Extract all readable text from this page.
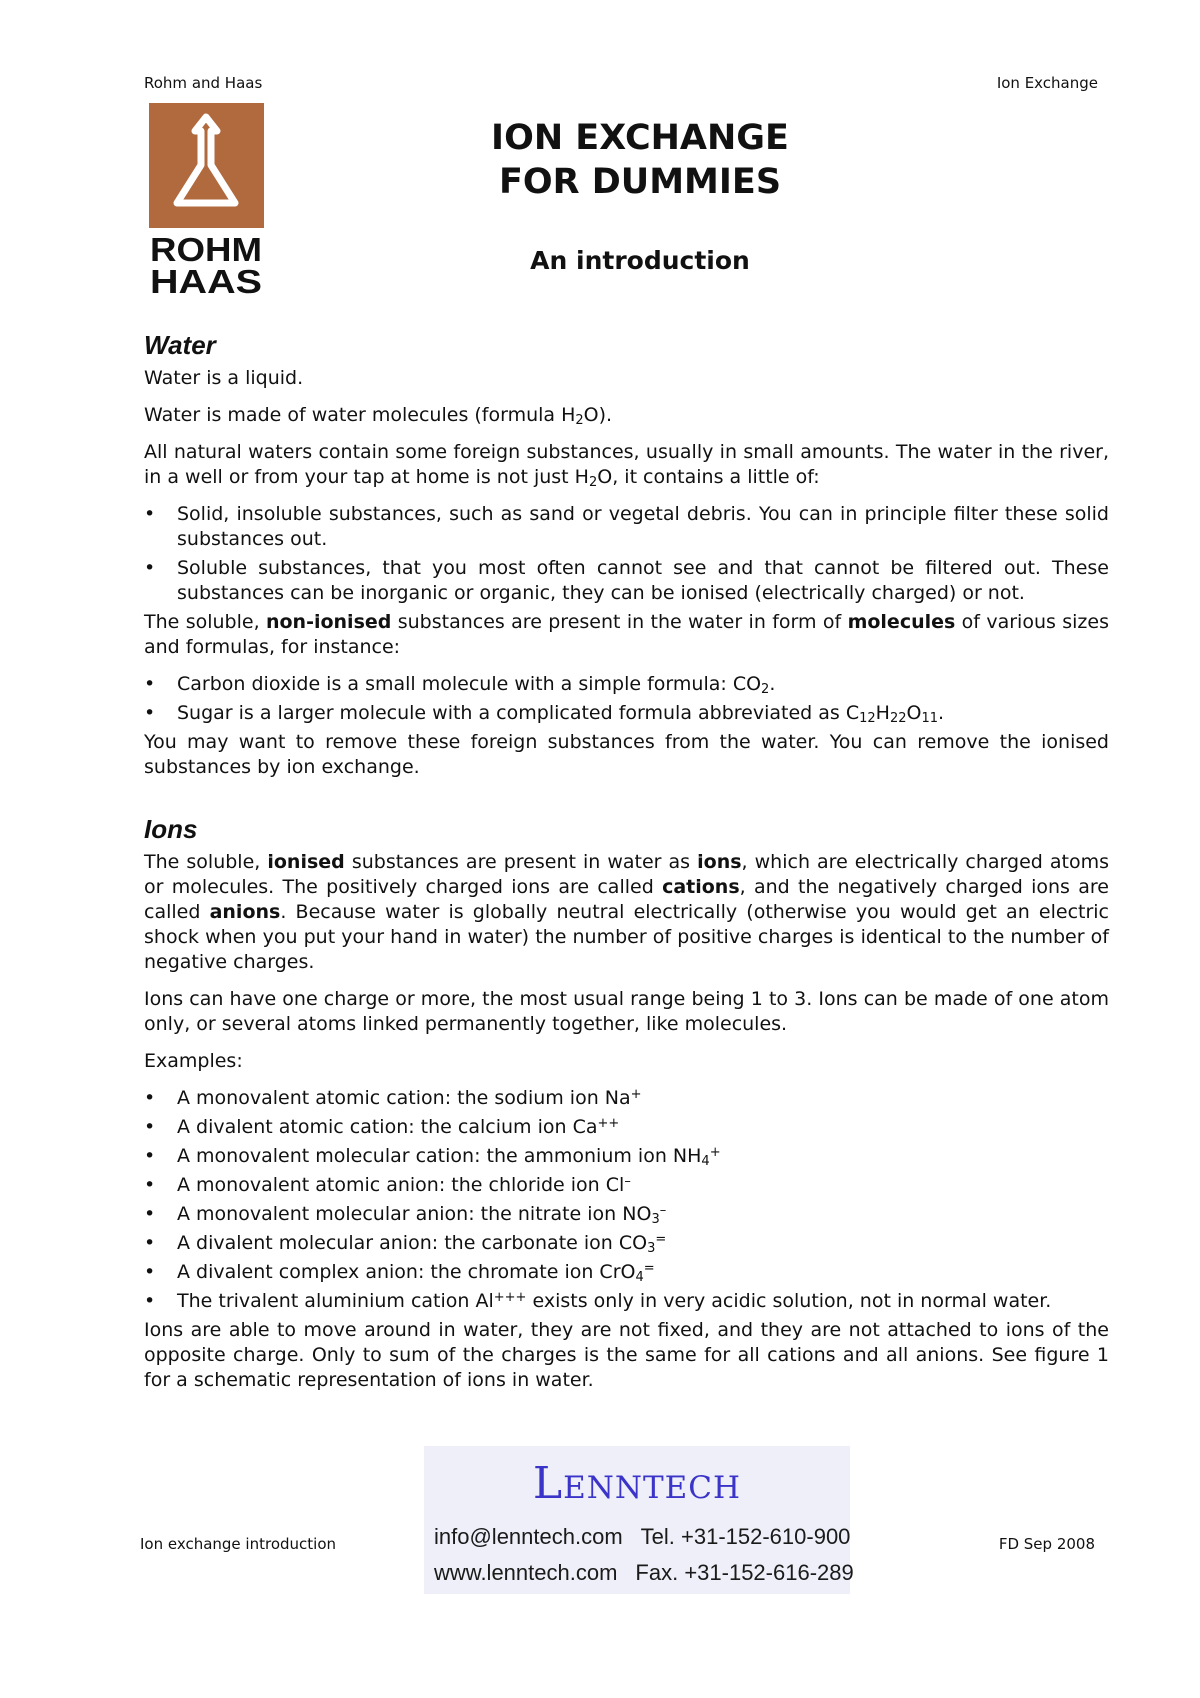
Rohm and Haas	Ion Exchange
ROHM
HAAS
ION EXCHANGE
FOR DUMMIES
An introduction
Water

Water is a liquid.

Water is made of water molecules (formula $H_2O$).

All natural waters contain some foreign substances, usually in small amounts. The water in the river, in a well or from your tap at home is not just $H_2O$, it contains a little of:

• Solid, insoluble substances, such as sand or vegetal debris. You can in principle filter these solid substances out.
• Soluble substances, that you most often cannot see and that cannot be filtered out. These substances can be inorganic or organic, they can be ionised (electrically charged) or not.

The soluble, non-ionised substances are present in the water in form of molecules of various sizes and formulas, for instance:

• Carbon dioxide is a small molecule with a simple formula: $CO_2$.
• Sugar is a larger molecule with a complicated formula abbreviated as $C_{12}H_{22}O_{11}$.

You may want to remove these foreign substances from the water. You can remove the ionised substances by ion exchange.

Ions

The soluble, ionised substances are present in water as ions, which are electrically charged atoms or molecules. The positively charged ions are called cations, and the negatively charged ions are called anions. Because water is globally neutral electrically (otherwise you would get an electric shock when you put your hand in water) the number of positive charges is identical to the number of negative charges.

Ions can have one charge or more, the most usual range being 1 to 3. Ions can be made of one atom only, or several atoms linked permanently together, like molecules.

Examples:

• A monovalent atomic cation: the sodium ion Na+
• A divalent atomic cation: the calcium ion Ca++
• A monovalent molecular cation: the ammonium ion $NH_4^+$
• A monovalent atomic anion: the chloride ion Cl–
• A monovalent molecular anion: the nitrate ion $NO_3^-$
• A divalent molecular anion: the carbonate ion $CO_3^=$
• A divalent complex anion: the chromate ion CrO$_4$=
• The trivalent aluminium cation Al+++ exists only in very acidic solution, not in normal water.

Ions are able to move around in water, they are not fixed, and they are not attached to ions of the opposite charge. Only to sum of the charges is the same for all cations and all anions. See figure 1 for a schematic representation of ions in water.

Ion exchange introduction	FD Sep 2008
Lenntech
info@lenntech.com Tel. +31-152-610-900
www.lenntech.com Fax. +31-152-616-289
